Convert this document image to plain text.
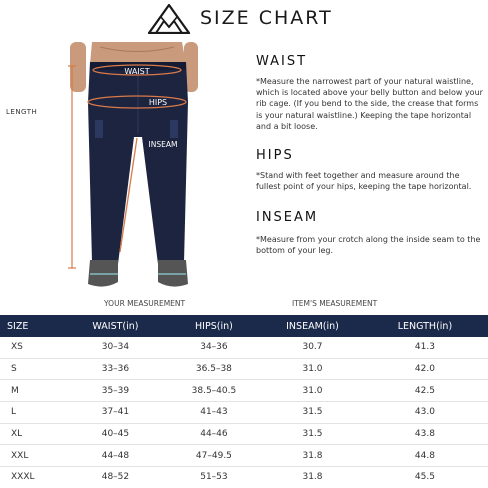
SIZE CHART
WAIST
HIPS
INSEAM
LENGTH
WAIST
*Measure the narrowest part of your natural waistline, which is located above your belly button and below your rib cage. (If you bend to the side, the crease that forms is your natural waistline.) Keeping the tape horizontal and a bit loose.
HIPS
*Stand with feet together and measure around the fullest point of your hips, keeping the tape horizontal.
INSEAM
*Measure from your crotch along the inside seam to the bottom of your leg.
YOUR MEASUREMENT	ITEM'S MEASUREMENT
SIZE	WAIST(in)	HIPS(in)	INSEAM(in)	LENGTH(in)
XS	30–34	34–36	30.7	41.3
S	33–36	36.5–38	31.0	42.0
M	35–39	38.5–40.5	31.0	42.5
L	37–41	41–43	31.5	43.0
XL	40–45	44–46	31.5	43.8
XXL	44–48	47–49.5	31.8	44.8
XXXL	48–52	51–53	31.8	45.5
